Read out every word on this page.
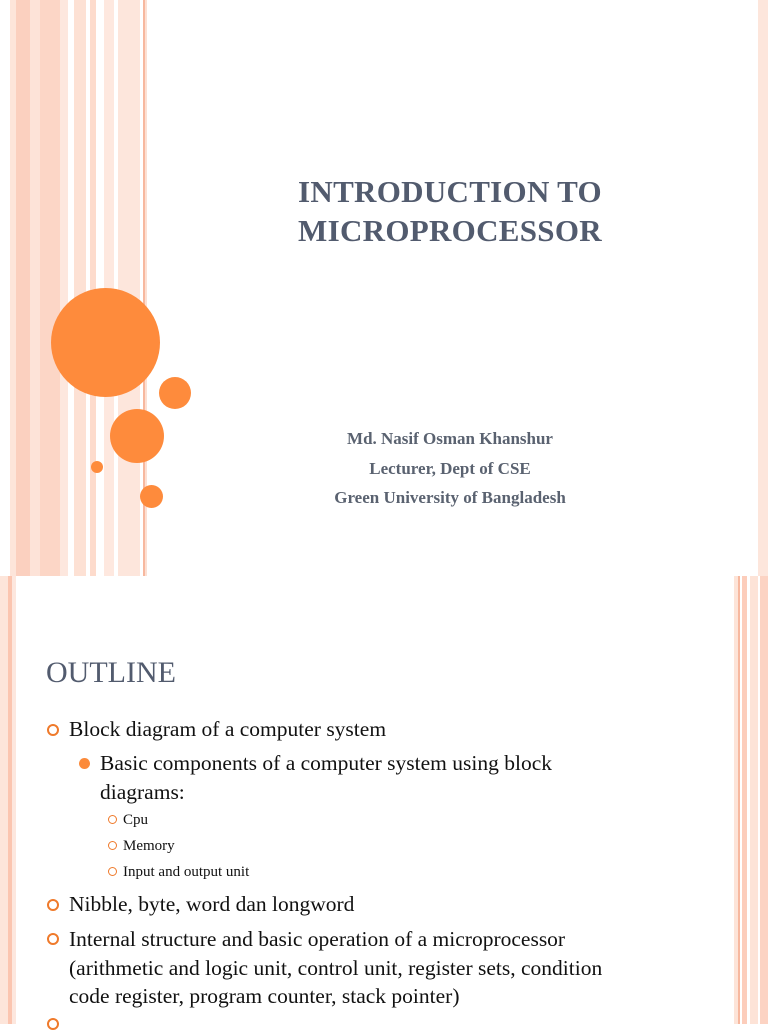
INTRODUCTION TO
MICROPROCESSOR
Md. Nasif Osman Khanshur
Lecturer, Dept of CSE
Green University of Bangladesh
OUTLINE
Block diagram of a computer system
Basic components of a computer system using block
diagrams:
Cpu
Memory
Input and output unit
Nibble, byte, word dan longword
Internal structure and basic operation of a microprocessor
(arithmetic and logic unit, control unit, register sets, condition
code register, program counter, stack pointer)
